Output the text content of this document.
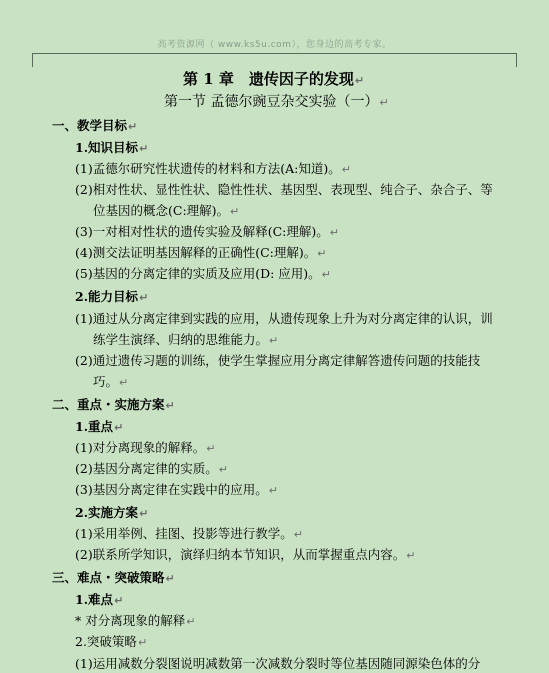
高考资源网（ www.ks5u.com），您身边的高考专家。
第 1 章　遗传因子的发现↵
第一节 孟德尔豌豆杂交实验（一）↵
一、教学目标↵
1.知识目标↵
(1)孟德尔研究性状遗传的材料和方法(A:知道)。↵
(2)相对性状、显性性状、隐性性状、基因型、表现型、纯合子、杂合子、等
位基因的概念(C:理解)。↵
(3)一对相对性状的遗传实验及解释(C:理解)。↵
(4)测交法证明基因解释的正确性(C:理解)。↵
(5)基因的分离定律的实质及应用(D: 应用)。↵
2.能力目标↵
(1)通过从分离定律到实践的应用，从遗传现象上升为对分离定律的认识，训
练学生演绎、归纳的思维能力。↵
(2)通过遗传习题的训练，使学生掌握应用分离定律解答遗传问题的技能技
巧。↵
二、重点・实施方案↵
1.重点↵
(1)对分离现象的解释。↵
(2)基因分离定律的实质。↵
(3)基因分离定律在实践中的应用。↵
2.实施方案↵
(1)采用举例、挂图、投影等进行教学。↵
(2)联系所学知识，演绎归纳本节知识，从而掌握重点内容。↵
三、难点・突破策略↵
1.难点↵
* 对分离现象的解释↵
2.突破策略↵
(1)运用减数分裂图说明减数第一次减数分裂时等位基因随同源染色体的分
